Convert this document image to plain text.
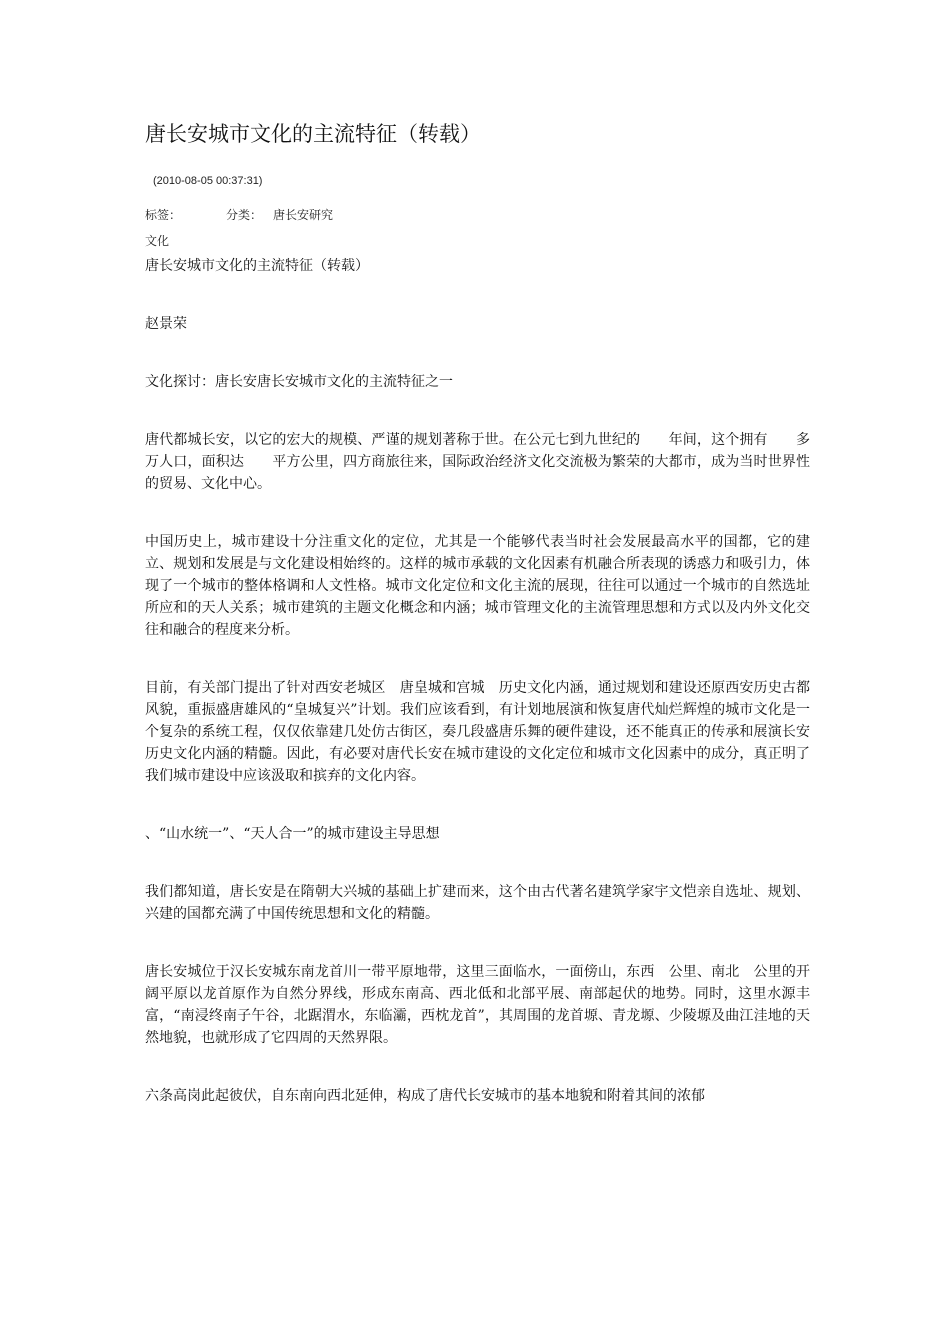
唐长安城市文化的主流特征（转载）
(2010-08-05 00:37:31)
标签：	分类： 唐长安研究
文化

唐长安城市文化的主流特征（转载）

赵景荣

文化探讨：唐长安唐长安城市文化的主流特征之一

唐代都城长安，以它的宏大的规模、严谨的规划著称于世。在公元七到九世纪的　　年间，这个拥有　　多万人口，面积达　　平方公里，四方商旅往来，国际政治经济文化交流极为繁荣的大都市，成为当时世界性的贸易、文化中心。

中国历史上，城市建设十分注重文化的定位，尤其是一个能够代表当时社会发展最高水平的国都，它的建立、规划和发展是与文化建设相始终的。这样的城市承载的文化因素有机融合所表现的诱惑力和吸引力，体现了一个城市的整体格调和人文性格。城市文化定位和文化主流的展现，往往可以通过一个城市的自然选址所应和的天人关系；城市建筑的主题文化概念和内涵；城市管理文化的主流管理思想和方式以及内外文化交往和融合的程度来分析。

目前，有关部门提出了针对西安老城区　唐皇城和宫城　历史文化内涵，通过规划和建设还原西安历史古都风貌，重振盛唐雄风的“皇城复兴”计划。我们应该看到，有计划地展演和恢复唐代灿烂辉煌的城市文化是一个复杂的系统工程，仅仅依靠建几处仿古街区，奏几段盛唐乐舞的硬件建设，还不能真正的传承和展演长安历史文化内涵的精髓。因此，有必要对唐代长安在城市建设的文化定位和城市文化因素中的成分，真正明了我们城市建设中应该汲取和摈弃的文化内容。

、“山水统一”、“天人合一”的城市建设主导思想

我们都知道，唐长安是在隋朝大兴城的基础上扩建而来，这个由古代著名建筑学家宇文恺亲自选址、规划、兴建的国都充满了中国传统思想和文化的精髓。

唐长安城位于汉长安城东南龙首川一带平原地带，这里三面临水，一面傍山，东西　公里、南北　公里的开阔平原以龙首原作为自然分界线，形成东南高、西北低和北部平展、南部起伏的地势。同时，这里水源丰富，“南浸终南子午谷，北踞渭水，东临灞，西枕龙首”，其周围的龙首塬、青龙塬、少陵塬及曲江洼地的天然地貌，也就形成了它四周的天然界限。

六条高岗此起彼伏，自东南向西北延伸，构成了唐代长安城市的基本地貌和附着其间的浓郁
